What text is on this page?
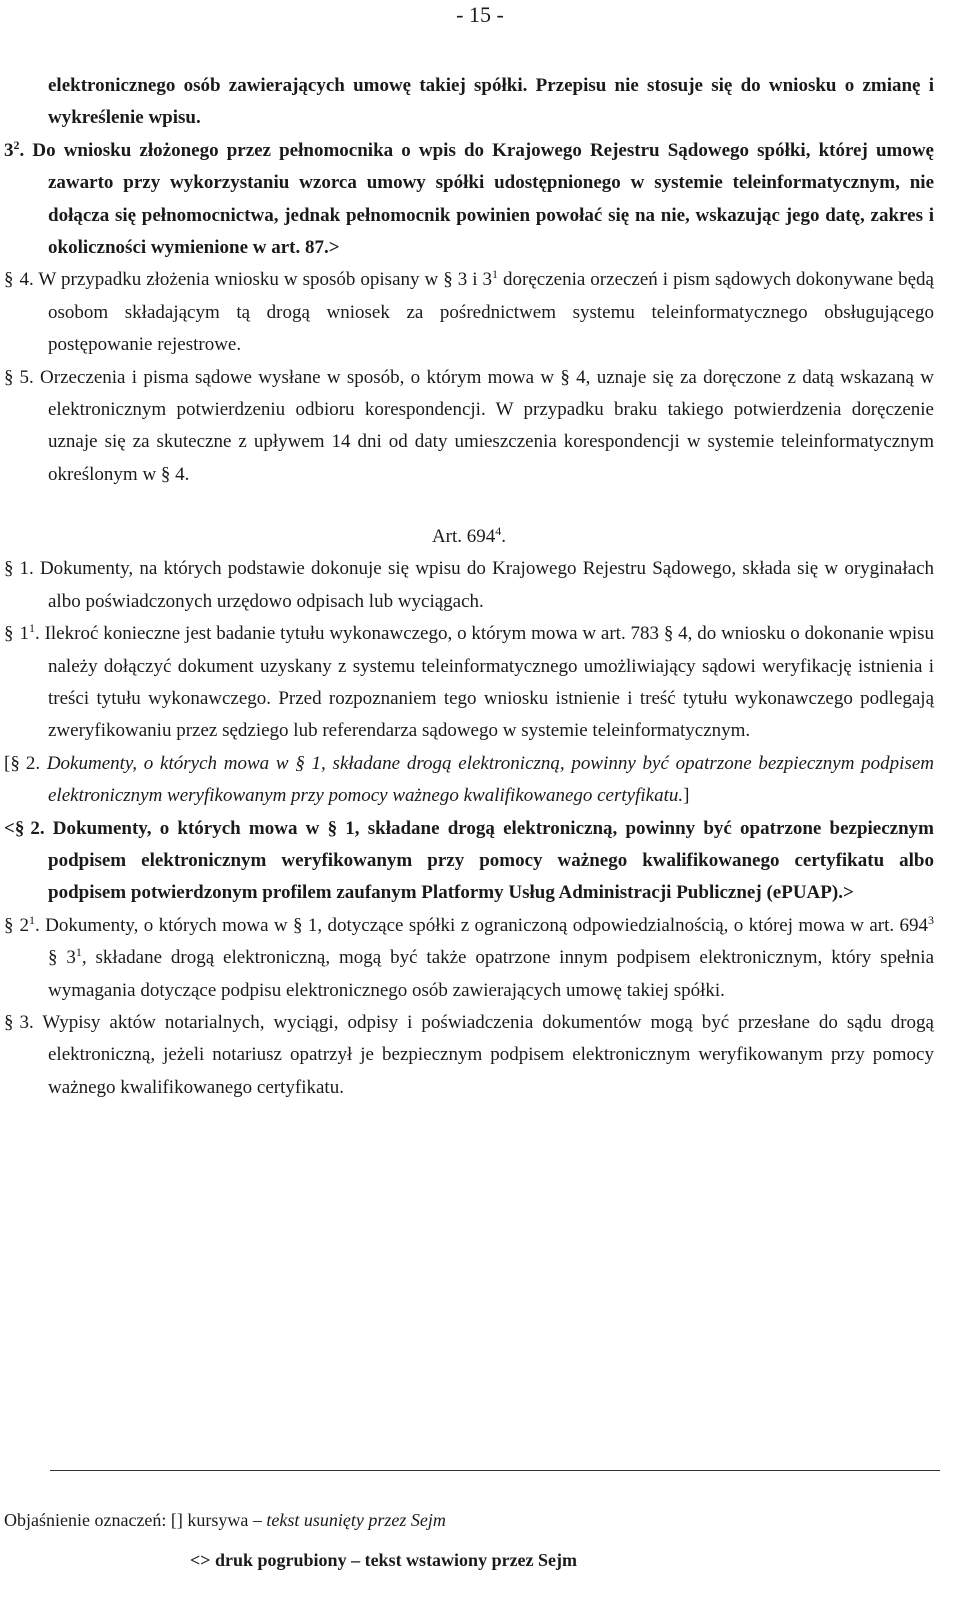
- 15 -

elektronicznego osób zawierających umowę takiej spółki. Przepisu nie stosuje się do wniosku o zmianę i wykreślenie wpisu.

$3^2$. Do wniosku złożonego przez pełnomocnika o wpis do Krajowego Rejestru Sądowego spółki, której umowę zawarto przy wykorzystaniu wzorca umowy spółki udostępnionego w systemie teleinformatycznym, nie dołącza się pełnomocnictwa, jednak pełnomocnik powinien powołać się na nie, wskazując jego datę, zakres i okoliczności wymienione w art. 87.>

§ 4. W przypadku złożenia wniosku w sposób opisany w § 3 i $3^1$ doręczenia orzeczeń i pism sądowych dokonywane będą osobom składającym tą drogą wniosek za pośrednictwem systemu teleinformatycznego obsługującego postępowanie rejestrowe.

§ 5. Orzeczenia i pisma sądowe wysłane w sposób, o którym mowa w § 4, uznaje się za doręczone z datą wskazaną w elektronicznym potwierdzeniu odbioru korespondencji. W przypadku braku takiego potwierdzenia doręczenie uznaje się za skuteczne z upływem 14 dni od daty umieszczenia korespondencji w systemie teleinformatycznym określonym w § 4.

Art. $694^4$.

§ 1. Dokumenty, na których podstawie dokonuje się wpisu do Krajowego Rejestru Sądowego, składa się w oryginałach albo poświadczonych urzędowo odpisach lub wyciągach.

§ $1^1$. Ilekroć konieczne jest badanie tytułu wykonawczego, o którym mowa w art. 783 § 4, do wniosku o dokonanie wpisu należy dołączyć dokument uzyskany z systemu teleinformatycznego umożliwiający sądowi weryfikację istnienia i treści tytułu wykonawczego. Przed rozpoznaniem tego wniosku istnienie i treść tytułu wykonawczego podlegają zweryfikowaniu przez sędziego lub referendarza sądowego w systemie teleinformatycznym.

[§ 2. Dokumenty, o których mowa w § 1, składane drogą elektroniczną, powinny być opatrzone bezpiecznym podpisem elektronicznym weryfikowanym przy pomocy ważnego kwalifikowanego certyfikatu.]

<§ 2. Dokumenty, o których mowa w § 1, składane drogą elektroniczną, powinny być opatrzone bezpiecznym podpisem elektronicznym weryfikowanym przy pomocy ważnego kwalifikowanego certyfikatu albo podpisem potwierdzonym profilem zaufanym Platformy Usług Administracji Publicznej (ePUAP).>

§ $2^1$. Dokumenty, o których mowa w § 1, dotyczące spółki z ograniczoną odpowiedzialnością, o której mowa w art. $694^3$ § $3^1$, składane drogą elektroniczną, mogą być także opatrzone innym podpisem elektronicznym, który spełnia wymagania dotyczące podpisu elektronicznego osób zawierających umowę takiej spółki.

§ 3. Wypisy aktów notarialnych, wyciągi, odpisy i poświadczenia dokumentów mogą być przesłane do sądu drogą elektroniczną, jeżeli notariusz opatrzył je bezpiecznym podpisem elektronicznym weryfikowanym przy pomocy ważnego kwalifikowanego certyfikatu.

Objaśnienie oznaczeń: [] kursywa – tekst usunięty przez Sejm
<> druk pogrubiony – tekst wstawiony przez Sejm
